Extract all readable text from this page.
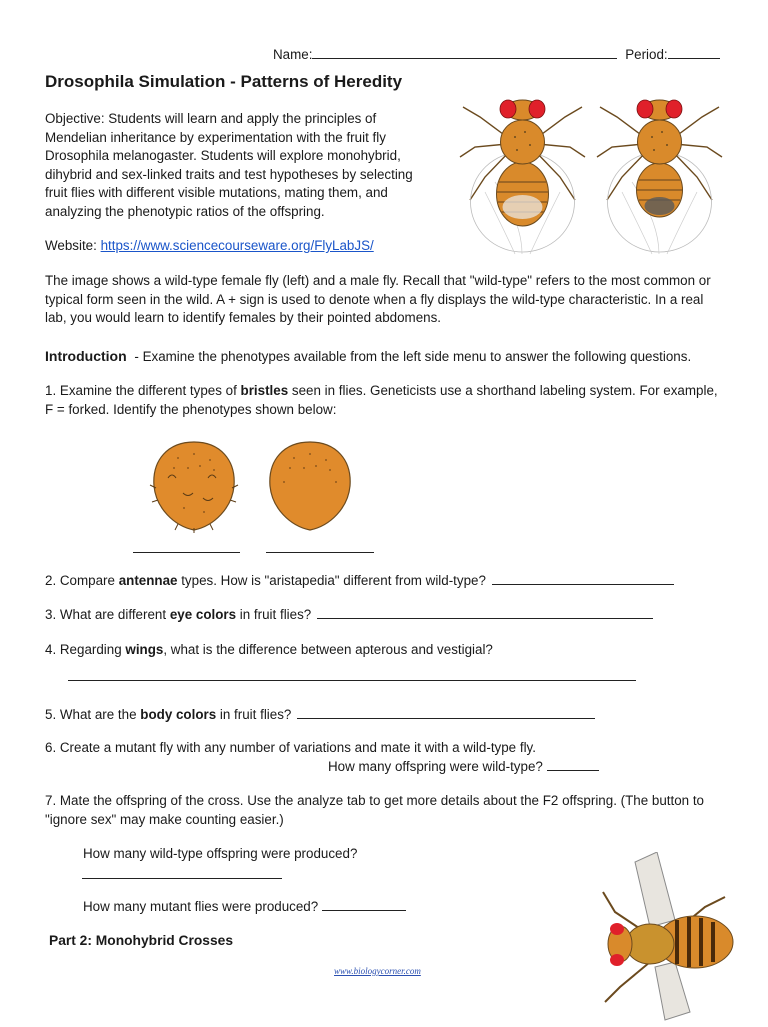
Name:	Period:
Drosophila Simulation - Patterns of Heredity
Objective: Students will learn and apply the principles of Mendelian inheritance by experimentation with the fruit fly Drosophila melanogaster. Students will explore monohybrid, dihybrid and sex-linked traits and test hypotheses by selecting fruit flies with different visible mutations, mating them, and analyzing the phenotypic ratios of the offspring.
Website: https://www.sciencecourseware.org/FlyLabJS/
The image shows a wild-type female fly (left) and a male fly. Recall that "wild-type" refers to the most common or typical form seen in the wild. A + sign is used to denote when a fly displays the wild-type characteristic. In a real lab, you would learn to identify females by their pointed abdomens.
Introduction - Examine the phenotypes available from the left side menu to answer the following questions.
1. Examine the different types of bristles seen in flies. Geneticists use a shorthand labeling system. For example, F = forked. Identify the phenotypes shown below:
2. Compare antennae types. How is "aristapedia" different from wild-type?
3. What are different eye colors in fruit flies?
4. Regarding wings, what is the difference between apterous and vestigial?
5. What are the body colors in fruit flies?
6. Create a mutant fly with any number of variations and mate it with a wild-type fly.
How many offspring were wild-type?
7. Mate the offspring of the cross. Use the analyze tab to get more details about the F2 offspring. (The button to "ignore sex" may make counting easier.)
How many wild-type offspring were produced?
How many mutant flies were produced?
Part 2: Monohybrid Crosses
www.biologycorner.com
